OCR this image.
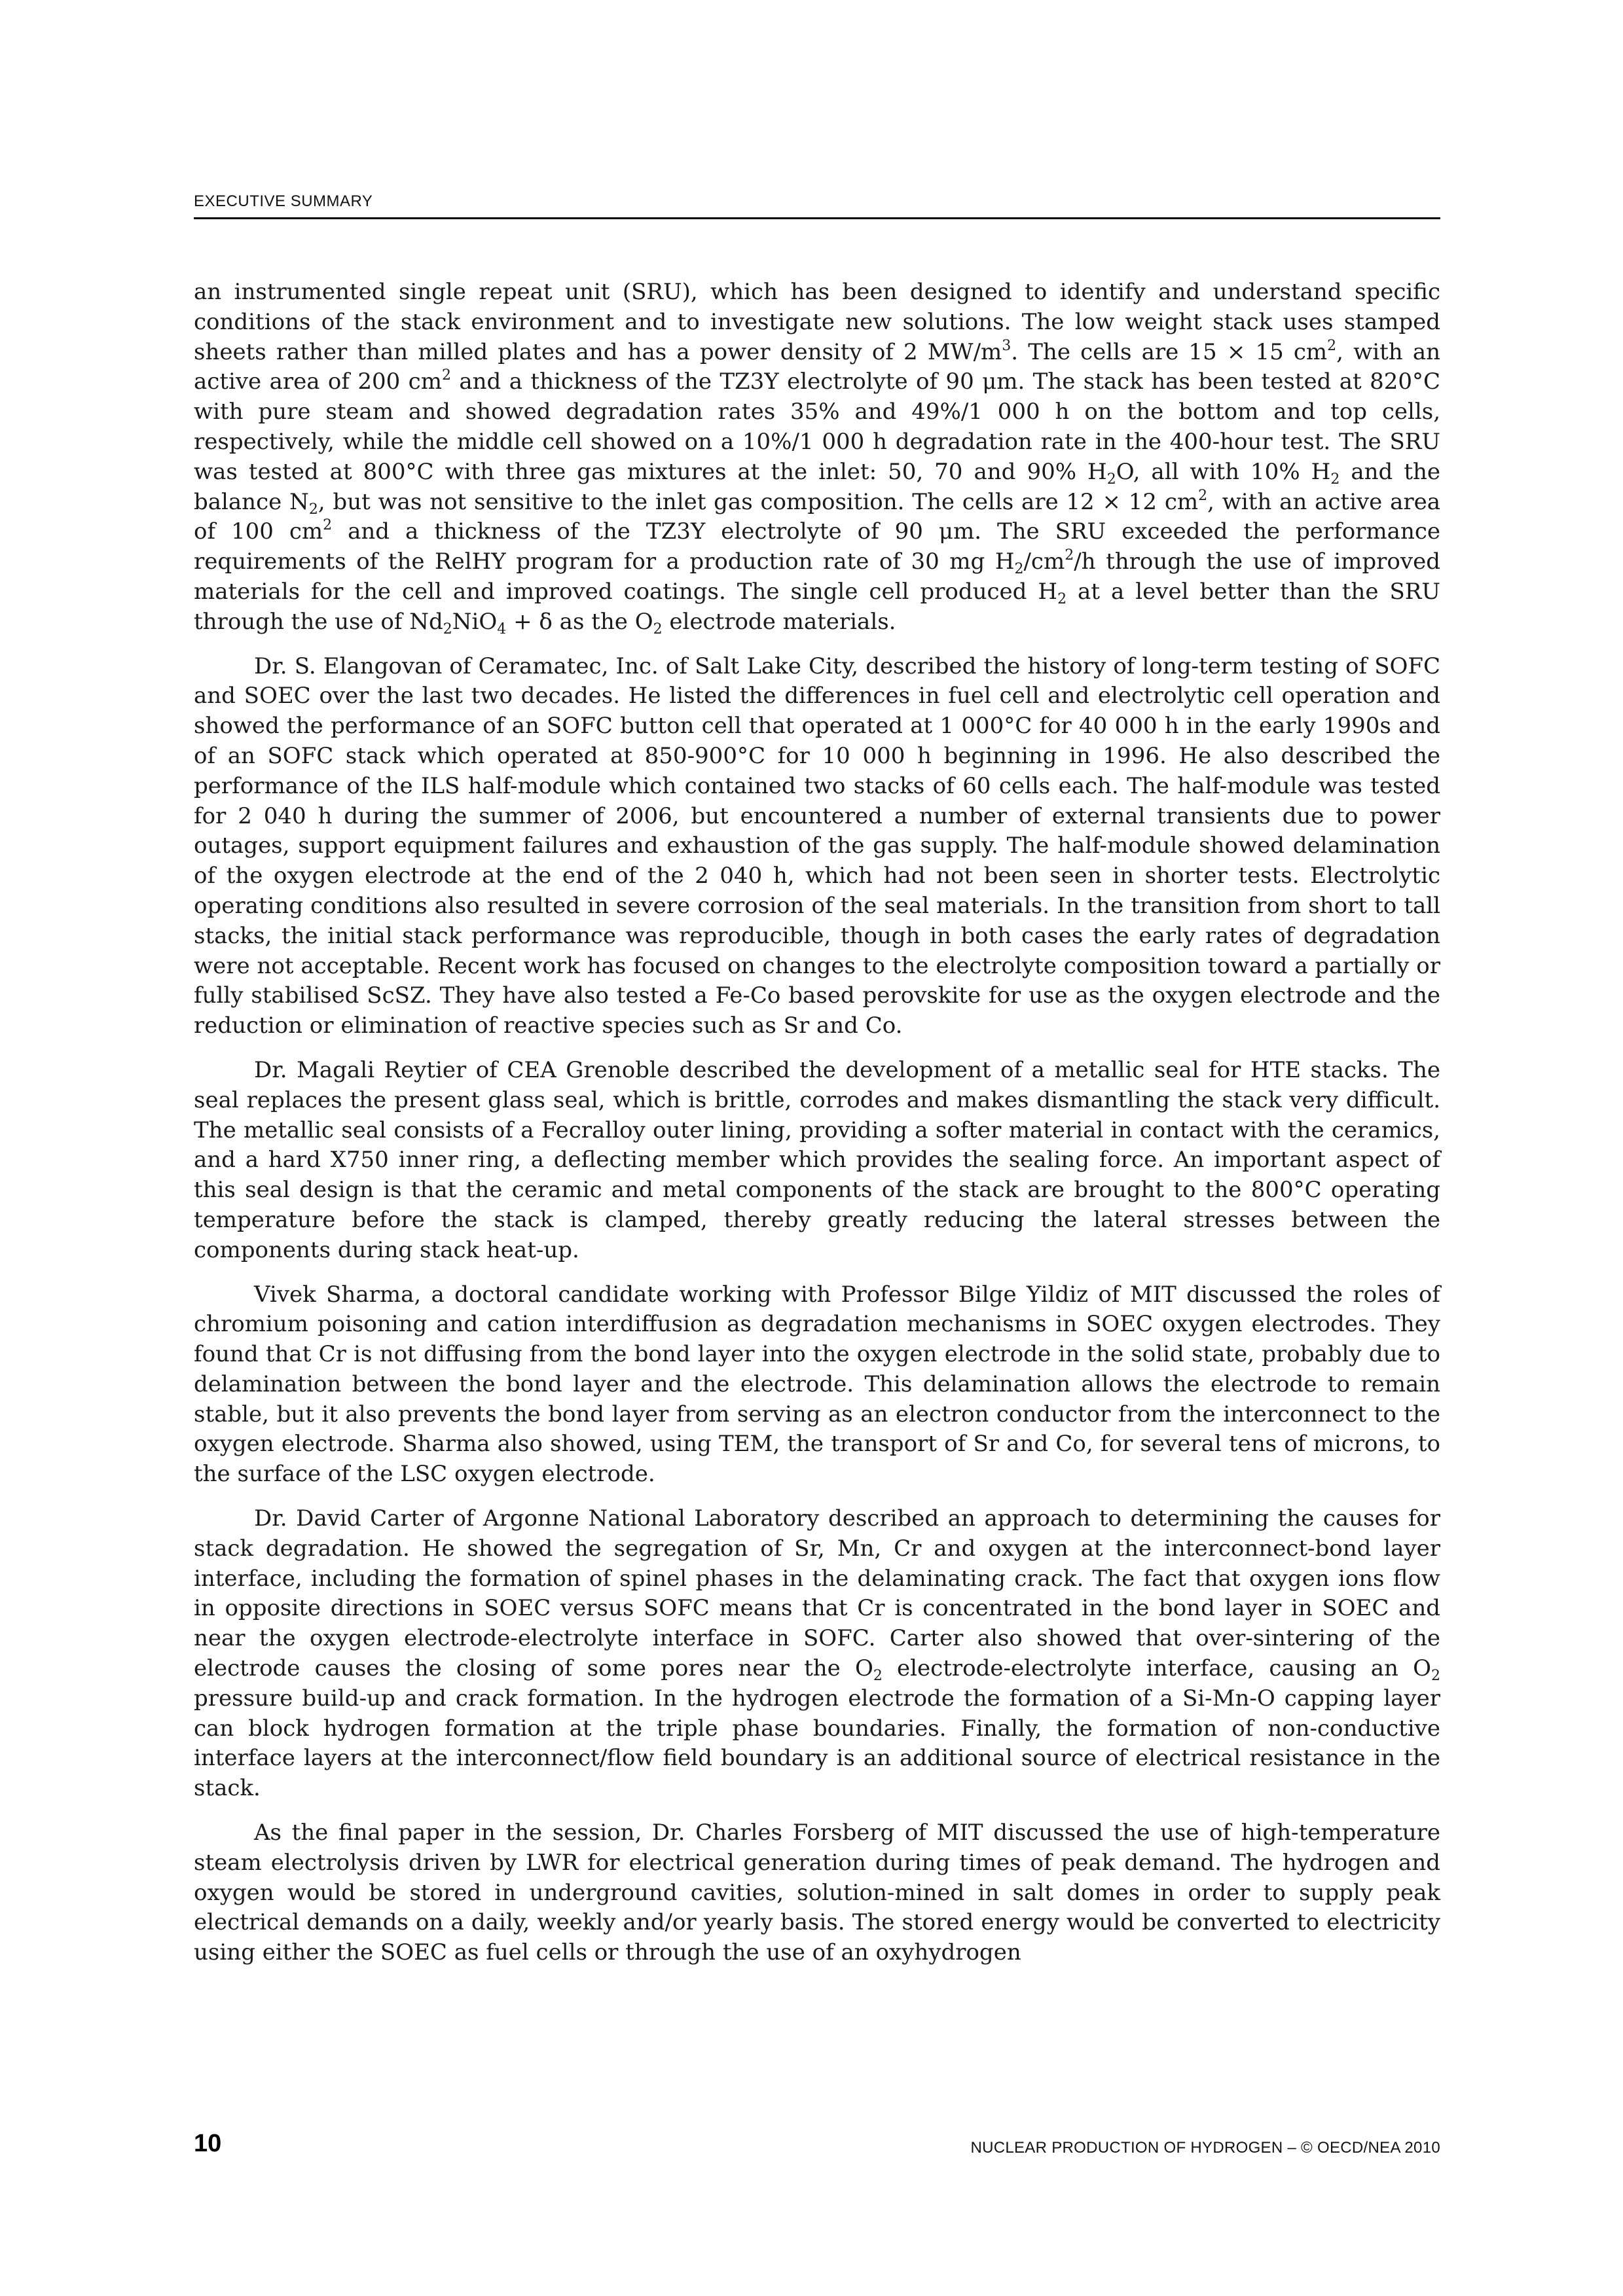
EXECUTIVE SUMMARY

an instrumented single repeat unit (SRU), which has been designed to identify and understand specific conditions of the stack environment and to investigate new solutions. The low weight stack uses stamped sheets rather than milled plates and has a power density of 2 $MW/m^3$. The cells are 15 × 15 $cm^2$, with an active area of 200 $cm^2$ and a thickness of the TZ3Y electrolyte of 90 μm. The stack has been tested at 820°C with pure steam and showed degradation rates 35% and 49%/1 000 h on the bottom and top cells, respectively, while the middle cell showed on a 10%/1 000 h degradation rate in the 400-hour test. The SRU was tested at 800°C with three gas mixtures at the inlet: 50, 70 and 90% $H_2O$, all with 10% $H_2$ and the balance $N_2$, but was not sensitive to the inlet gas composition. The cells are 12 × 12 $cm^2$, with an active area of 100 $cm^2$ and a thickness of the TZ3Y electrolyte of 90 μm. The SRU exceeded the performance requirements of the RelHY program for a production rate of 30 mg $H_2/cm^2/h$ through the use of improved materials for the cell and improved coatings. The single cell produced $H_2$ at a level better than the SRU through the use of $Nd_2NiO_4 + \delta$ as the $O_2$ electrode materials.

Dr. S. Elangovan of Ceramatec, Inc. of Salt Lake City, described the history of long-term testing of SOFC and SOEC over the last two decades. He listed the differences in fuel cell and electrolytic cell operation and showed the performance of an SOFC button cell that operated at 1 000°C for 40 000 h in the early 1990s and of an SOFC stack which operated at 850-900°C for 10 000 h beginning in 1996. He also described the performance of the ILS half-module which contained two stacks of 60 cells each. The half-module was tested for 2 040 h during the summer of 2006, but encountered a number of external transients due to power outages, support equipment failures and exhaustion of the gas supply. The half-module showed delamination of the oxygen electrode at the end of the 2 040 h, which had not been seen in shorter tests. Electrolytic operating conditions also resulted in severe corrosion of the seal materials. In the transition from short to tall stacks, the initial stack performance was reproducible, though in both cases the early rates of degradation were not acceptable. Recent work has focused on changes to the electrolyte composition toward a partially or fully stabilised ScSZ. They have also tested a Fe-Co based perovskite for use as the oxygen electrode and the reduction or elimination of reactive species such as Sr and Co.

Dr. Magali Reytier of CEA Grenoble described the development of a metallic seal for HTE stacks. The seal replaces the present glass seal, which is brittle, corrodes and makes dismantling the stack very difficult. The metallic seal consists of a Fecralloy outer lining, providing a softer material in contact with the ceramics, and a hard X750 inner ring, a deflecting member which provides the sealing force. An important aspect of this seal design is that the ceramic and metal components of the stack are brought to the 800°C operating temperature before the stack is clamped, thereby greatly reducing the lateral stresses between the components during stack heat-up.

Vivek Sharma, a doctoral candidate working with Professor Bilge Yildiz of MIT discussed the roles of chromium poisoning and cation interdiffusion as degradation mechanisms in SOEC oxygen electrodes. They found that Cr is not diffusing from the bond layer into the oxygen electrode in the solid state, probably due to delamination between the bond layer and the electrode. This delamination allows the electrode to remain stable, but it also prevents the bond layer from serving as an electron conductor from the interconnect to the oxygen electrode. Sharma also showed, using TEM, the transport of Sr and Co, for several tens of microns, to the surface of the LSC oxygen electrode.

Dr. David Carter of Argonne National Laboratory described an approach to determining the causes for stack degradation. He showed the segregation of Sr, Mn, Cr and oxygen at the interconnect-bond layer interface, including the formation of spinel phases in the delaminating crack. The fact that oxygen ions flow in opposite directions in SOEC versus SOFC means that Cr is concentrated in the bond layer in SOEC and near the oxygen electrode-electrolyte interface in SOFC. Carter also showed that over-sintering of the electrode causes the closing of some pores near the $O_2$ electrode-electrolyte interface, causing an $O_2$ pressure build-up and crack formation. In the hydrogen electrode the formation of a Si-Mn-O capping layer can block hydrogen formation at the triple phase boundaries. Finally, the formation of non-conductive interface layers at the interconnect/flow field boundary is an additional source of electrical resistance in the stack.

As the final paper in the session, Dr. Charles Forsberg of MIT discussed the use of high-temperature steam electrolysis driven by LWR for electrical generation during times of peak demand. The hydrogen and oxygen would be stored in underground cavities, solution-mined in salt domes in order to supply peak electrical demands on a daily, weekly and/or yearly basis. The stored energy would be converted to electricity using either the SOEC as fuel cells or through the use of an oxyhydrogen

10	NUCLEAR PRODUCTION OF HYDROGEN – © OECD/NEA 2010
